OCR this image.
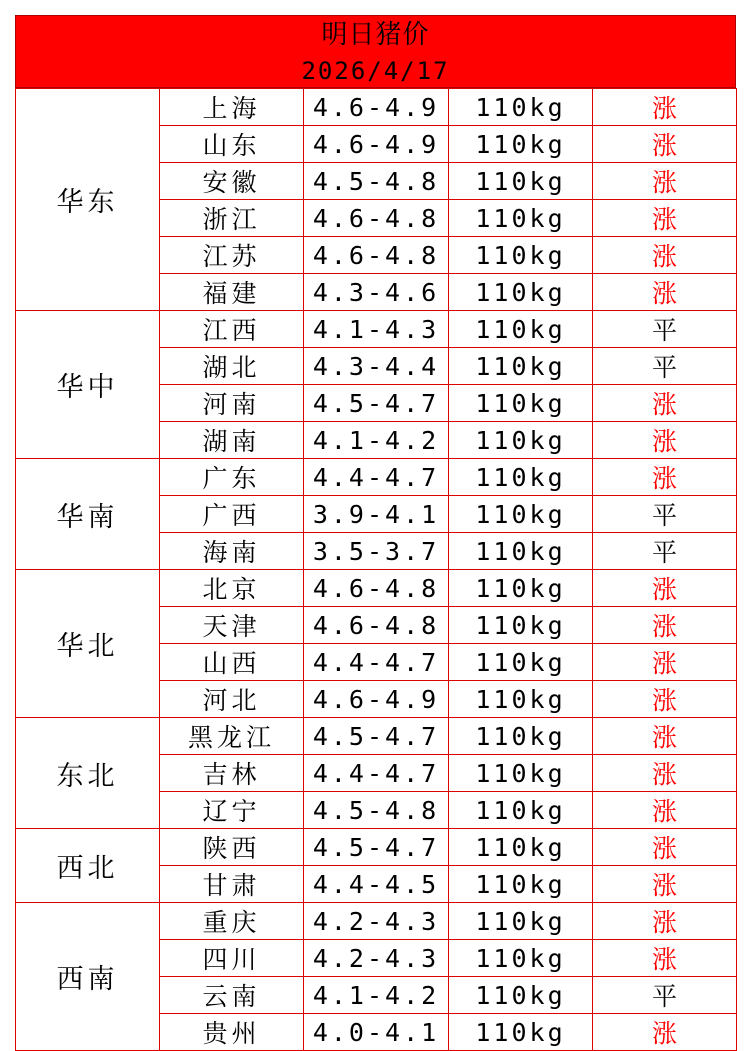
明日猪价
2026/4/17
华东	上海	4.6-4.9	110kg	涨
	山东	4.6-4.9	110kg	涨
	安徽	4.5-4.8	110kg	涨
	浙江	4.6-4.8	110kg	涨
	江苏	4.6-4.8	110kg	涨
	福建	4.3-4.6	110kg	涨
华中	江西	4.1-4.3	110kg	平
	湖北	4.3-4.4	110kg	平
	河南	4.5-4.7	110kg	涨
	湖南	4.1-4.2	110kg	涨
华南	广东	4.4-4.7	110kg	涨
	广西	3.9-4.1	110kg	平
	海南	3.5-3.7	110kg	平
华北	北京	4.6-4.8	110kg	涨
	天津	4.6-4.8	110kg	涨
	山西	4.4-4.7	110kg	涨
	河北	4.6-4.9	110kg	涨
东北	黑龙江	4.5-4.7	110kg	涨
	吉林	4.4-4.7	110kg	涨
	辽宁	4.5-4.8	110kg	涨
西北	陕西	4.5-4.7	110kg	涨
	甘肃	4.4-4.5	110kg	涨
西南	重庆	4.2-4.3	110kg	涨
	四川	4.2-4.3	110kg	涨
	云南	4.1-4.2	110kg	平
	贵州	4.0-4.1	110kg	涨
